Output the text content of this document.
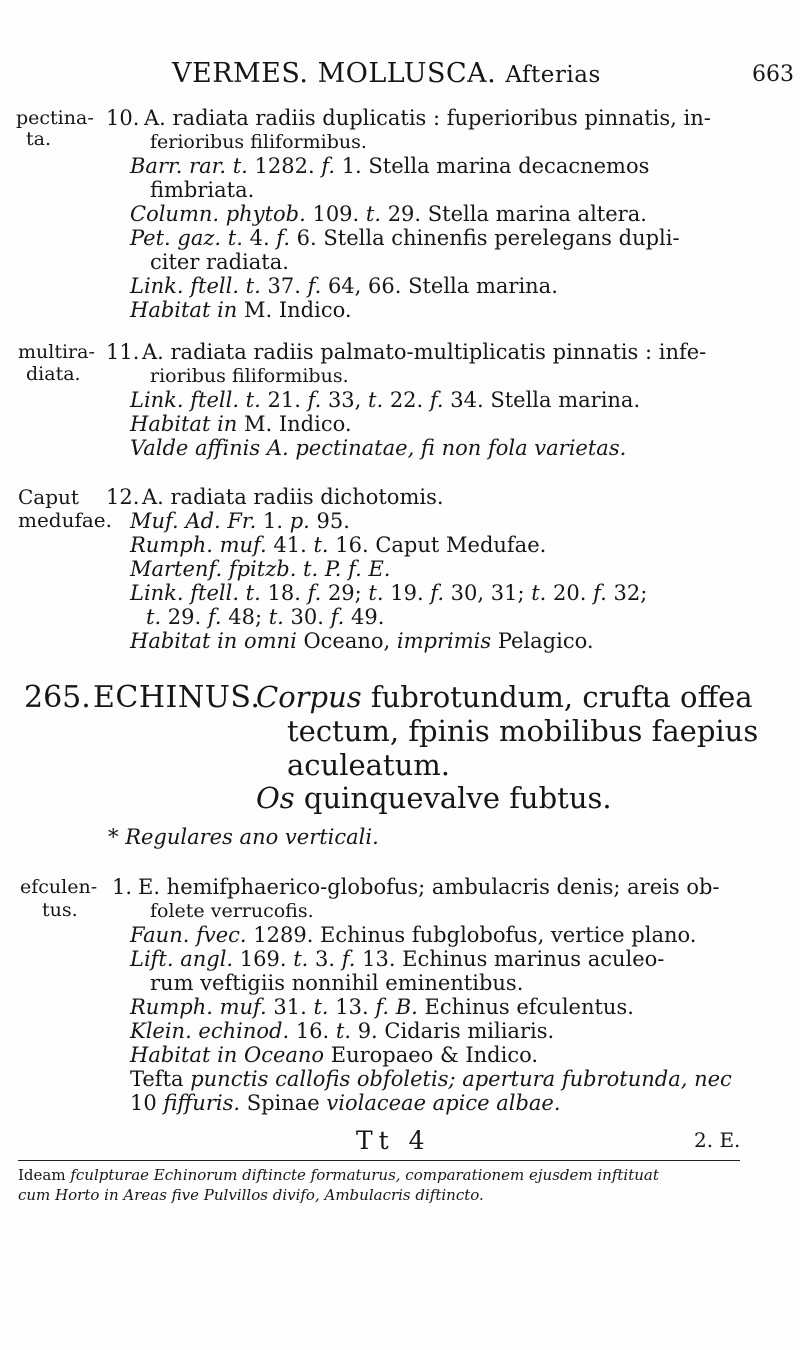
VERMES. MOLLUSCA. Afterias	663
pectina-
ta.
10. A. radiata radiis duplicatis : fuperioribus pinnatis, in-
ferioribus filiformibus.
Barr. rar. t. 1282. f. 1. Stella marina decacnemos
fimbriata.
Column. phytob. 109. t. 29. Stella marina altera.
Pet. gaz. t. 4. f. 6. Stella chinenfis perelegans dupli-
citer radiata.
Link. ftell. t. 37. f. 64, 66. Stella marina.
Habitat in M. Indico.
multira-
diata.
11. A. radiata radiis palmato-multiplicatis pinnatis : infe-
rioribus filiformibus.
Link. ftell. t. 21. f. 33, t. 22. f. 34. Stella marina.
Habitat in M. Indico.
Valde affinis A. pectinatae, fi non fola varietas.
Caput
medufae.
12. A. radiata radiis dichotomis.
Muf. Ad. Fr. 1. p. 95.
Rumph. muf. 41. t. 16. Caput Medufae.
Martenf. fpitzb. t. P. f. E.
Link. ftell. t. 18. f. 29; t. 19. f. 30, 31; t. 20. f. 32;
t. 29. f. 48; t. 30. f. 49.
Habitat in omni Oceano, imprimis Pelagico.
265. ECHINUS.
Corpus fubrotundum, crufta offea
tectum, fpinis mobilibus faepius
aculeatum.
Os quinquevalve fubtus.
* Regulares ano verticali.
efculen-
tus.
1. E. hemifphaerico-globofus; ambulacris denis; areis ob-
folete verrucofis.
Faun. fvec. 1289. Echinus fubglobofus, vertice plano.
Lift. angl. 169. t. 3. f. 13. Echinus marinus aculeo-
rum veftigiis nonnihil eminentibus.
Rumph. muf. 31. t. 13. f. B. Echinus efculentus.
Klein. echinod. 16. t. 9. Cidaris miliaris.
Habitat in Oceano Europaeo & Indico.
Tefta punctis callofis obfoletis; apertura fubrotunda, nec
10 fiffuris. Spinae violaceae apice albae.
Tt 4	2. E.
Ideam fculpturae Echinorum diftincte formaturus, comparationem ejusdem inftituat
cum Horto in Areas five Pulvillos divifo, Ambulacris diftincto.
